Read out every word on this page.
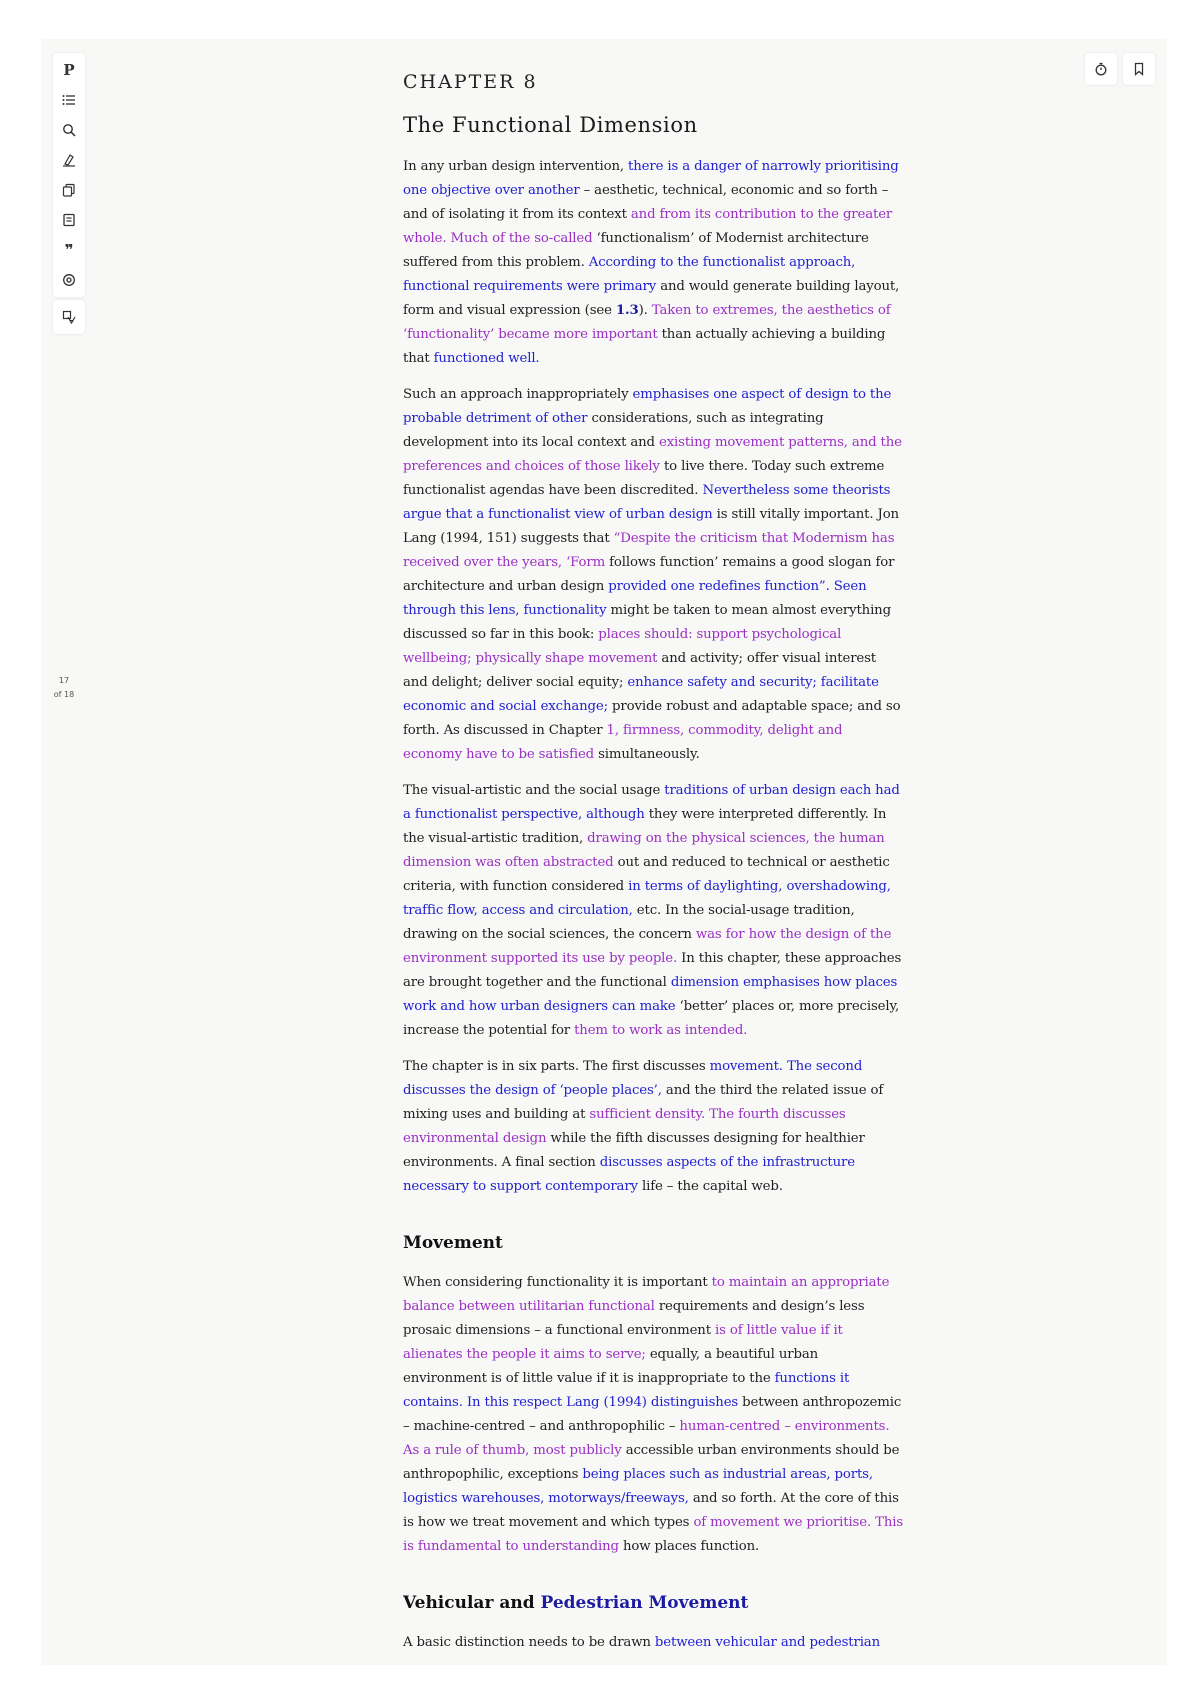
P
❞
17
of 18
CHAPTER 8
The Functional Dimension

In any urban design intervention, there is a danger of narrowly prioritising one objective over another – aesthetic, technical, economic and so forth – and of isolating it from its context and from its contribution to the greater whole. Much of the so-called ‘functionalism’ of Modernist architecture suffered from this problem. According to the functionalist approach, functional requirements were primary and would generate building layout, form and visual expression (see 1.3). Taken to extremes, the aesthetics of ‘functionality’ became more important than actually achieving a building that functioned well.

Such an approach inappropriately emphasises one aspect of design to the probable detriment of other considerations, such as integrating development into its local context and existing movement patterns, and the preferences and choices of those likely to live there. Today such extreme functionalist agendas have been discredited. Nevertheless some theorists argue that a functionalist view of urban design is still vitally important. Jon Lang (1994, 151) suggests that “Despite the criticism that Modernism has received over the years, ‘Form follows function’ remains a good slogan for architecture and urban design provided one redefines function”. Seen through this lens, functionality might be taken to mean almost everything discussed so far in this book: places should: support psychological wellbeing; physically shape movement and activity; offer visual interest and delight; deliver social equity; enhance safety and security; facilitate economic and social exchange; provide robust and adaptable space; and so forth. As discussed in Chapter 1, firmness, commodity, delight and economy have to be satisfied simultaneously.

The visual-artistic and the social usage traditions of urban design each had a functionalist perspective, although they were interpreted differently. In the visual-artistic tradition, drawing on the physical sciences, the human dimension was often abstracted out and reduced to technical or aesthetic criteria, with function considered in terms of daylighting, overshadowing, traffic flow, access and circulation, etc. In the social-usage tradition, drawing on the social sciences, the concern was for how the design of the environment supported its use by people. In this chapter, these approaches are brought together and the functional dimension emphasises how places work and how urban designers can make ‘better’ places or, more precisely, increase the potential for them to work as intended.

The chapter is in six parts. The first discusses movement. The second discusses the design of ‘people places’, and the third the related issue of mixing uses and building at sufficient density. The fourth discusses environmental design while the fifth discusses designing for healthier environments. A final section discusses aspects of the infrastructure necessary to support contemporary life – the capital web.

Movement

When considering functionality it is important to maintain an appropriate balance between utilitarian functional requirements and design’s less prosaic dimensions – a functional environment is of little value if it alienates the people it aims to serve; equally, a beautiful urban environment is of little value if it is inappropriate to the functions it contains. In this respect Lang (1994) distinguishes between anthropozemic – machine-centred – and anthropophilic – human-centred – environments. As a rule of thumb, most publicly accessible urban environments should be anthropophilic, exceptions being places such as industrial areas, ports, logistics warehouses, motorways/freeways, and so forth. At the core of this is how we treat movement and which types of movement we prioritise. This is fundamental to understanding how places function.

Vehicular and Pedestrian Movement

A basic distinction needs to be drawn between vehicular and pedestrian
